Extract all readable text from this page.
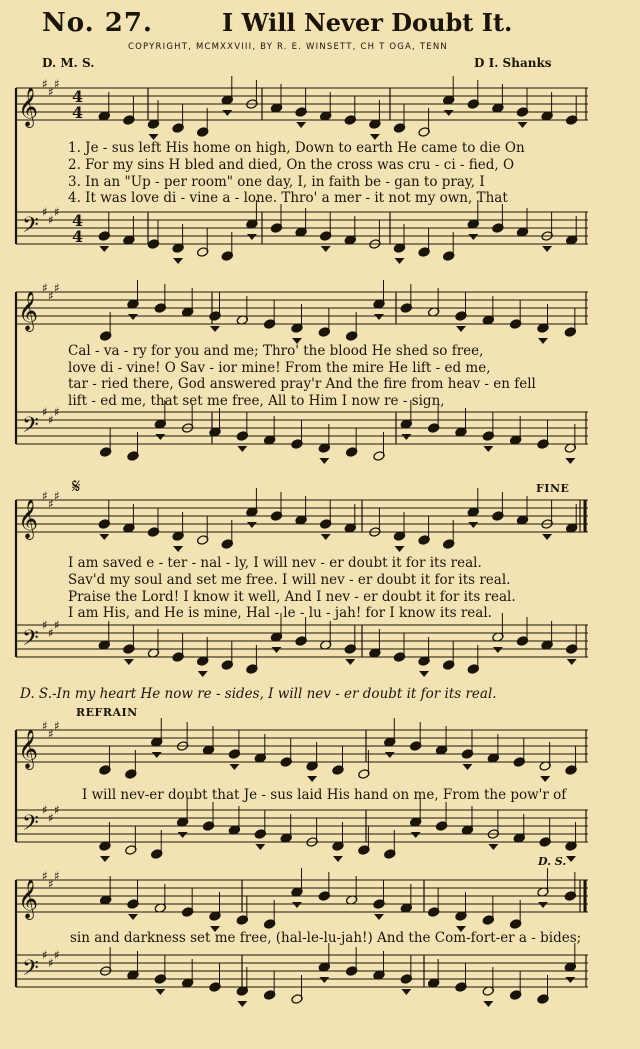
No. 27.	I Will Never Doubt It.
COPYRIGHT, MCMXXVIII, BY R. E. WINSETT, CH T OGA, TENN
D. M. S.	D I. Shanks
𝄞
𝄢
♯
♯
♯
♯
♯
♯
4
4
4
4
𝄞
𝄢
♯
♯
♯
♯
♯
♯
𝄞
𝄢
♯
♯
♯
♯
♯
♯
𝄞
𝄢
♯
♯
♯
♯
♯
♯
𝄞
𝄢
♯
♯
♯
♯
♯
♯
1. Je - sus left His home on high, Down to earth He came to die On
2. For my sins H bled and died, On the cross was cru - ci - fied, O
3. In an "Up - per room" one day, I, in faith be - gan to pray, I
4. It was love di - vine a - lone. Thro' a mer - it not my own, That
Cal - va - ry for you and me; Thro' the blood He shed so free,
love di - vine! O Sav - ior mine! From the mire He lift - ed me,
tar - ried there, God answered pray'r And the fire from heav - en fell
lift - ed me, that set me free, All to Him I now re - sign,
𝄋	FINE
I am saved e - ter - nal - ly, I will nev - er doubt it for its real.
Sav'd my soul and set me free. I will nev - er doubt it for its real.
Praise the Lord! I know it well, And I nev - er doubt it for its real.
I am His, and He is mine, Hal - le - lu - jah! for I know its real.
D. S.-In my heart He now re - sides, I will nev - er doubt it for its real.
REFRAIN
I will nev-er doubt that Je - sus laid His hand on me, From the pow'r of
D. S.
sin and darkness set me free, (hal-le-lu-jah!) And the Com-fort-er a - bides;
